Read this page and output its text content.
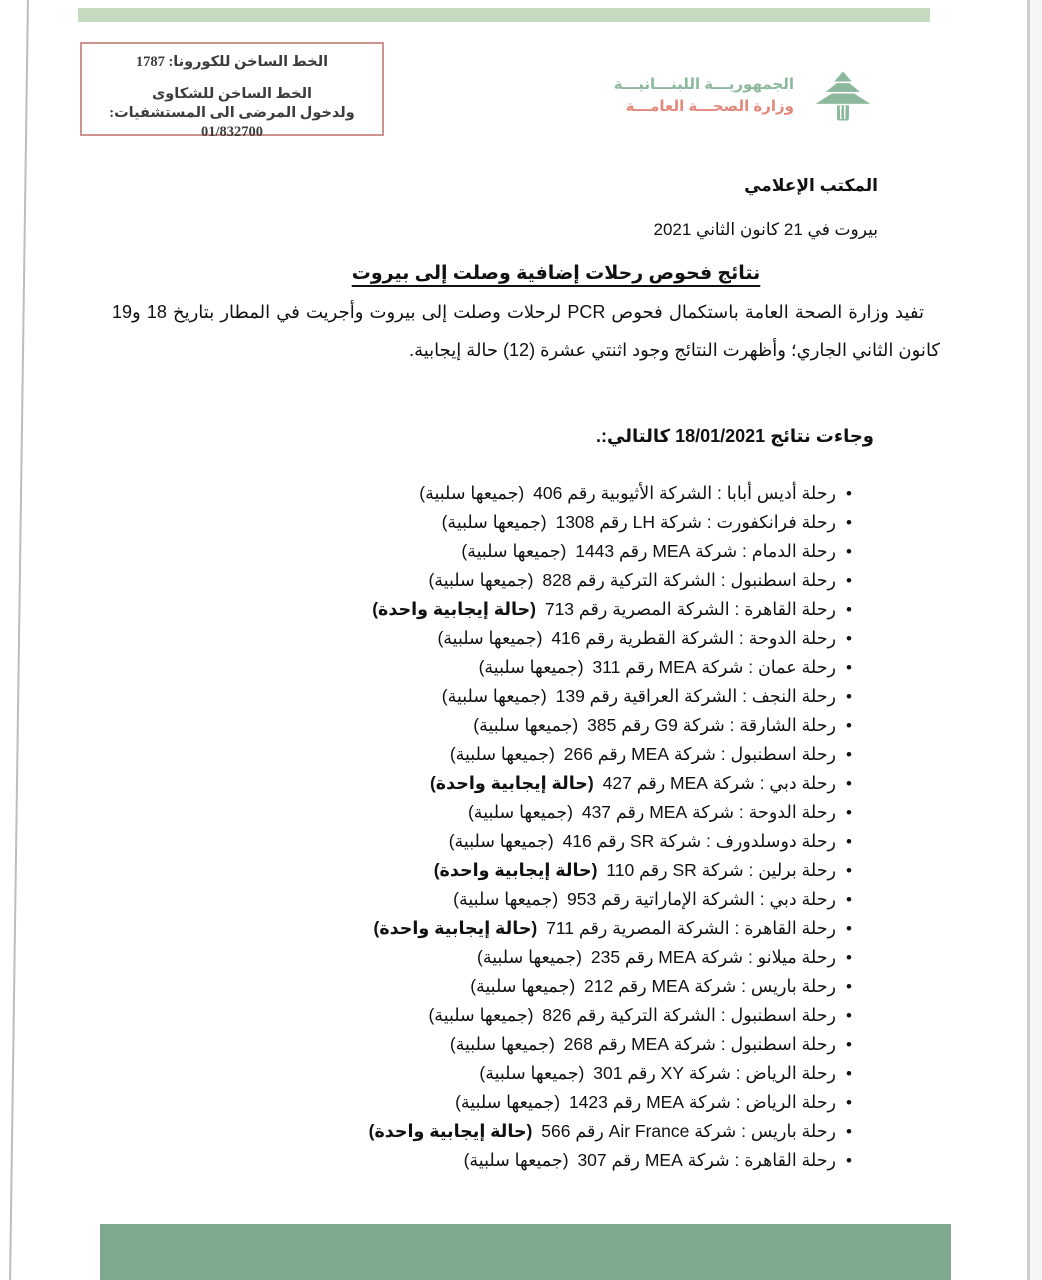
الخط الساخن للكورونا: 1787
الخط الساخن للشكاوى
ولدخول المرضى الى المستشفيات: 01/832700
الجمهوريـــة اللبنـــانيـــة
وزارة الصحـــة العامـــة
المكتب الإعلامي
بيروت في 21 كانون الثاني 2021
نتائج فحوص رحلات إضافية وصلت إلى بيروت

تفيد وزارة الصحة العامة باستكمال فحوص PCR لرحلات وصلت إلى بيروت وأجريت في المطار بتاريخ 18 و19 كانون الثاني الجاري؛ وأظهرت النتائج وجود اثنتي عشرة (12) حالة إيجابية.

وجاءت نتائج 18/01/2021 كالتالي:.
• رحلة أديس أبابا : الشركة الأثيوبية رقم 406 (جميعها سلبية)
• رحلة فرانكفورت : شركة LH رقم 1308 (جميعها سلبية)
• رحلة الدمام : شركة MEA رقم 1443 (جميعها سلبية)
• رحلة اسطنبول : الشركة التركية رقم 828 (جميعها سلبية)
• رحلة القاهرة : الشركة المصرية رقم 713 (حالة إيجابية واحدة)
• رحلة الدوحة : الشركة القطرية رقم 416 (جميعها سلبية)
• رحلة عمان : شركة MEA رقم 311 (جميعها سلبية)
• رحلة النجف : الشركة العراقية رقم 139 (جميعها سلبية)
• رحلة الشارقة : شركة G9 رقم 385 (جميعها سلبية)
• رحلة اسطنبول : شركة MEA رقم 266 (جميعها سلبية)
• رحلة دبي : شركة MEA رقم 427 (حالة إيجابية واحدة)
• رحلة الدوحة : شركة MEA رقم 437 (جميعها سلبية)
• رحلة دوسلدورف : شركة SR رقم 416 (جميعها سلبية)
• رحلة برلين : شركة SR رقم 110 (حالة إيجابية واحدة)
• رحلة دبي : الشركة الإماراتية رقم 953 (جميعها سلبية)
• رحلة القاهرة : الشركة المصرية رقم 711 (حالة إيجابية واحدة)
• رحلة ميلانو : شركة MEA رقم 235 (جميعها سلبية)
• رحلة باريس : شركة MEA رقم 212 (جميعها سلبية)
• رحلة اسطنبول : الشركة التركية رقم 826 (جميعها سلبية)
• رحلة اسطنبول : شركة MEA رقم 268 (جميعها سلبية)
• رحلة الرياض : شركة XY رقم 301 (جميعها سلبية)
• رحلة الرياض : شركة MEA رقم 1423 (جميعها سلبية)
• رحلة باريس : شركة Air France رقم 566 (حالة إيجابية واحدة)
• رحلة القاهرة : شركة MEA رقم 307 (جميعها سلبية)
